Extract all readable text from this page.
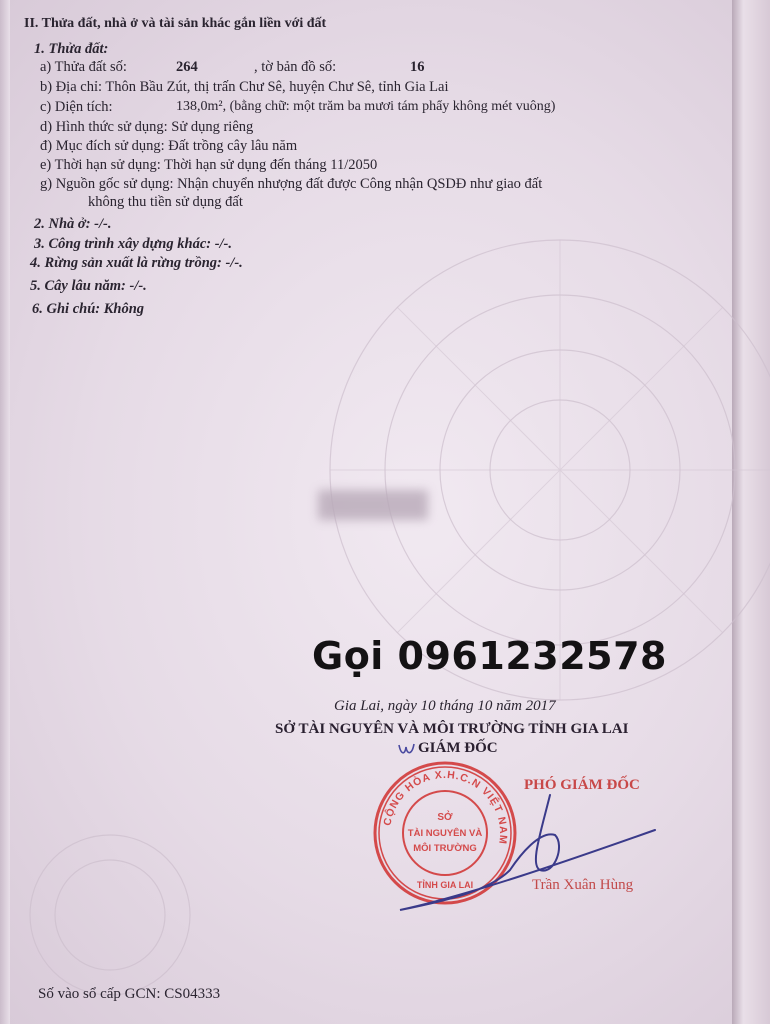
II. Thửa đất, nhà ở và tài sản khác gắn liền với đất
1. Thửa đất:
a) Thửa đất số:	264	, tờ bản đồ số:	16
b) Địa chỉ: Thôn Bầu Zút, thị trấn Chư Sê, huyện Chư Sê, tỉnh Gia Lai
c) Diện tích:	138,0m², (bằng chữ: một trăm ba mươi tám phẩy không mét vuông)
d) Hình thức sử dụng: Sử dụng riêng
đ) Mục đích sử dụng: Đất trồng cây lâu năm
e) Thời hạn sử dụng: Thời hạn sử dụng đến tháng 11/2050
g) Nguồn gốc sử dụng: Nhận chuyển nhượng đất được Công nhận QSDĐ như giao đất
không thu tiền sử dụng đất
2. Nhà ở: -/-.
3. Công trình xây dựng khác: -/-.
4. Rừng sản xuất là rừng trồng: -/-.
5. Cây lâu năm: -/-.
6. Ghi chú: Không
Gọi 0961232578
Gia Lai, ngày 10 tháng 10 năm 2017
SỞ TÀI NGUYÊN VÀ MÔI TRƯỜNG TỈNH GIA LAI
GIÁM ĐỐC
PHÓ GIÁM ĐỐC
CỘNG HÒA X.H.C.N VIỆT NAM
SỞ
TÀI NGUYÊN VÀ
MÔI TRƯỜNG
TỈNH GIA LAI	Trần Xuân Hùng
Số vào sổ cấp GCN: CS04333
